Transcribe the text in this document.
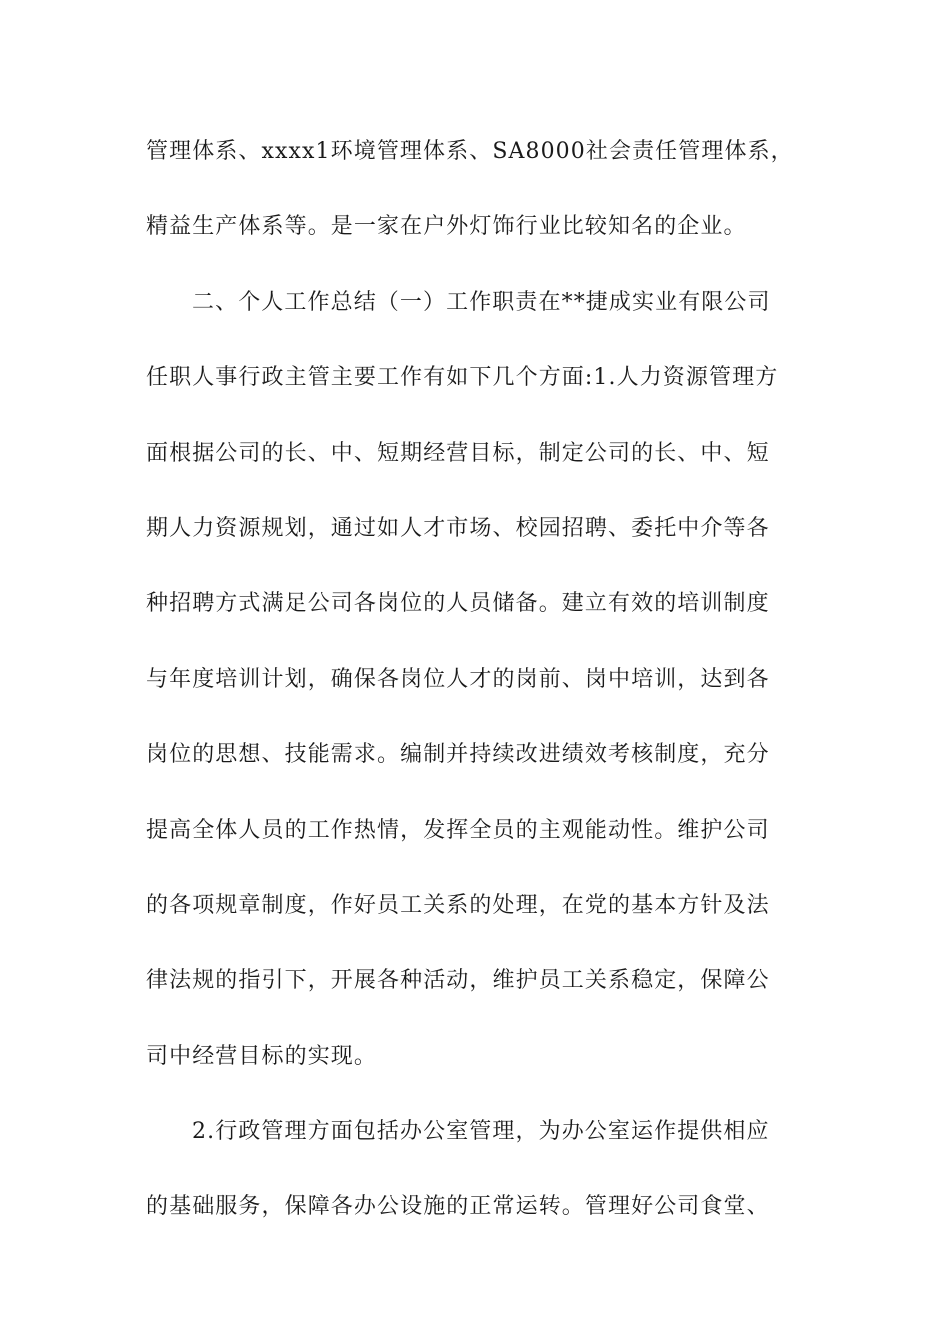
管理体系、xxxx1环境管理体系、SA8000社会责任管理体系，
精益生产体系等。是一家在户外灯饰行业比较知名的企业。
二、个人工作总结（一）工作职责在**捷成实业有限公司
任职人事行政主管主要工作有如下几个方面:1.人力资源管理方
面根据公司的长、中、短期经营目标，制定公司的长、中、短
期人力资源规划，通过如人才市场、校园招聘、委托中介等各
种招聘方式满足公司各岗位的人员储备。建立有效的培训制度
与年度培训计划，确保各岗位人才的岗前、岗中培训，达到各
岗位的思想、技能需求。编制并持续改进绩效考核制度，充分
提高全体人员的工作热情，发挥全员的主观能动性。维护公司
的各项规章制度，作好员工关系的处理，在党的基本方针及法
律法规的指引下，开展各种活动，维护员工关系稳定，保障公
司中经营目标的实现。
2.行政管理方面包括办公室管理，为办公室运作提供相应
的基础服务，保障各办公设施的正常运转。管理好公司食堂、
